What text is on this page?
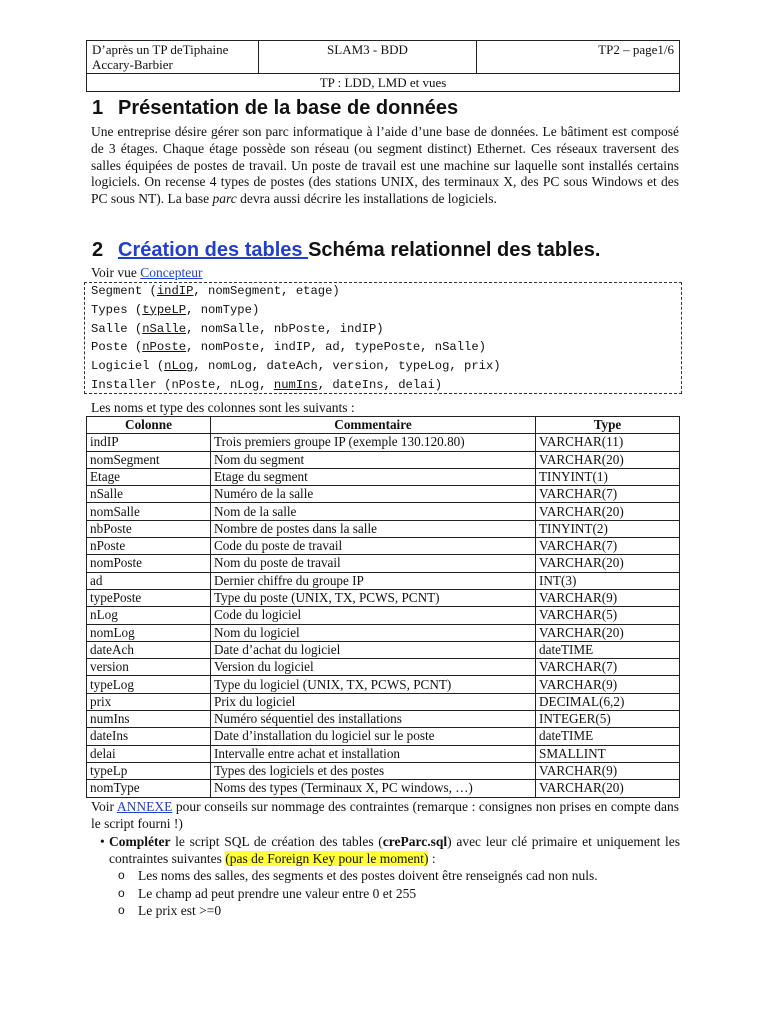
D’après un TP deTiphaine Accary-Barbier	SLAM3 - BDD	TP2 – page1/6
TP : LDD, LMD et vues
1 Présentation de la base de données

Une entreprise désire gérer son parc informatique à l’aide d’une base de données. Le bâtiment est composé de 3 étages. Chaque étage possède son réseau (ou segment distinct) Ethernet. Ces réseaux traversent des salles équipées de postes de travail. Un poste de travail est une machine sur laquelle sont installés certains logiciels. On recense 4 types de postes (des stations UNIX, des terminaux X, des PC sous Windows et des PC sous NT). La base parc devra aussi décrire les installations de logiciels.

2 Création des tables Schéma relationnel des tables.
Voir vue Concepteur
Segment (indIP, nomSegment, etage)
Types (typeLP, nomType)
Salle (nSalle, nomSalle, nbPoste, indIP)
Poste (nPoste, nomPoste, indIP, ad, typePoste, nSalle)
Logiciel (nLog, nomLog, dateAch, version, typeLog, prix)
Installer (nPoste, nLog, numIns, dateIns, delai)
Les noms et type des colonnes sont les suivants :
Colonne	Commentaire	Type
indIP	Trois premiers groupe IP (exemple 130.120.80)	VARCHAR(11)
nomSegment	Nom du segment	VARCHAR(20)
Etage	Etage du segment	TINYINT(1)
nSalle	Numéro de la salle	VARCHAR(7)
nomSalle	Nom de la salle	VARCHAR(20)
nbPoste	Nombre de postes dans la salle	TINYINT(2)
nPoste	Code du poste de travail	VARCHAR(7)
nomPoste	Nom du poste de travail	VARCHAR(20)
ad	Dernier chiffre du groupe IP	INT(3)
typePoste	Type du poste (UNIX, TX, PCWS, PCNT)	VARCHAR(9)
nLog	Code du logiciel	VARCHAR(5)
nomLog	Nom du logiciel	VARCHAR(20)
dateAch	Date d’achat du logiciel	dateTIME
version	Version du logiciel	VARCHAR(7)
typeLog	Type du logiciel (UNIX, TX, PCWS, PCNT)	VARCHAR(9)
prix	Prix du logiciel	DECIMAL(6,2)
numIns	Numéro séquentiel des installations	INTEGER(5)
dateIns	Date d’installation du logiciel sur le poste	dateTIME
delai	Intervalle entre achat et installation	SMALLINT
typeLp	Types des logiciels et des postes	VARCHAR(9)
nomType	Noms des types (Terminaux X, PC windows, …)	VARCHAR(20)

Voir ANNEXE pour conseils sur nommage des contraintes (remarque : consignes non prises en compte dans le script fourni !)

• Compléter le script SQL de création des tables (creParc.sql) avec leur clé primaire et uniquement les contraintes suivantes (pas de Foreign Key pour le moment) :
o Les noms des salles, des segments et des postes doivent être renseignés cad non nuls.
o Le champ ad peut prendre une valeur entre 0 et 255
o Le prix est >=0
